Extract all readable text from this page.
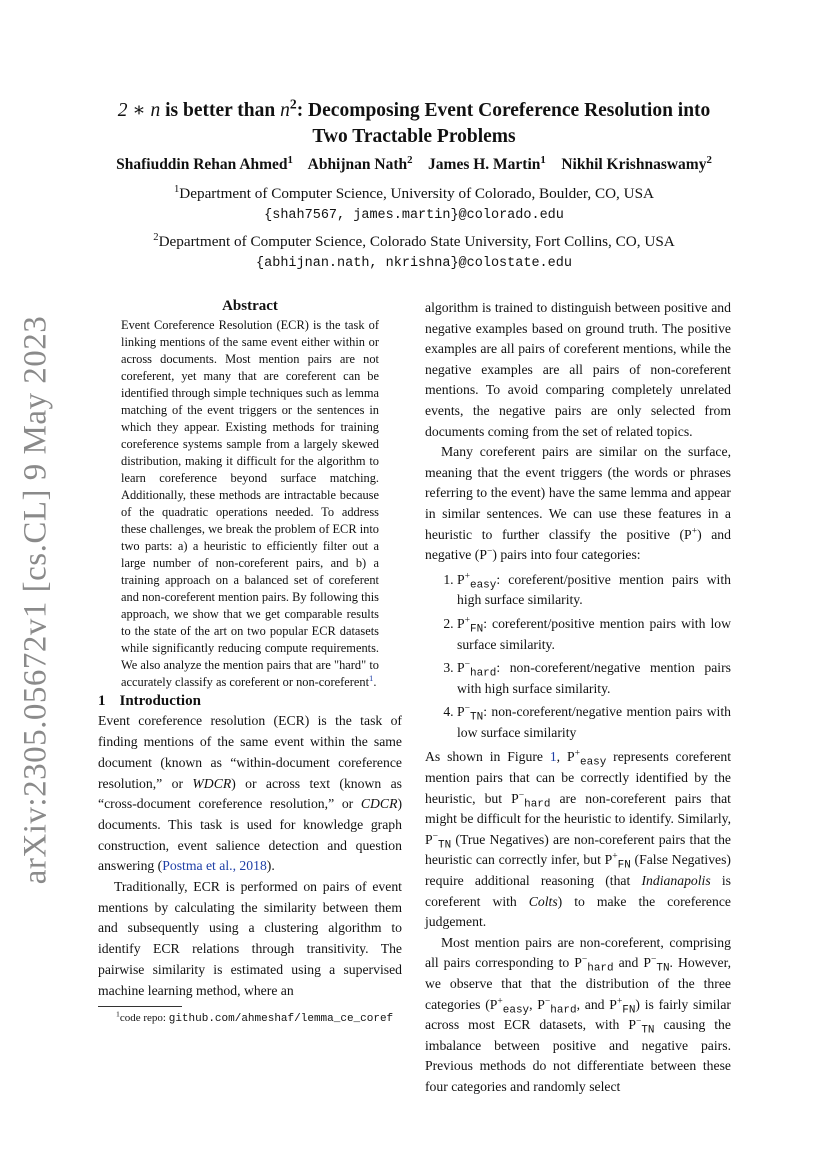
arXiv:2305.05672v1 [cs.CL] 9 May 2023
2 ∗ n is better than $n^2$: Decomposing Event Coreference Resolution into
Two Tractable Problems
Shafiuddin Rehan Ahmed$^1$ Abhijnan Nath$^2$ James H. Martin$^1$ Nikhil Krishnaswamy$^2$
$^1$Department of Computer Science, University of Colorado, Boulder, CO, USA
{shah7567, james.martin}@colorado.edu
$^2$Department of Computer Science, Colorado State University, Fort Collins, CO, USA
{abhijnan.nath, nkrishna}@colostate.edu

Abstract

Event Coreference Resolution (ECR) is the task of linking mentions of the same event either within or across documents. Most mention pairs are not coreferent, yet many that are coreferent can be identified through simple techniques such as lemma matching of the event triggers or the sentences in which they appear. Existing methods for training coreference systems sample from a largely skewed distribution, making it difficult for the algorithm to learn coreference beyond surface matching. Additionally, these methods are intractable because of the quadratic operations needed. To address these challenges, we break the problem of ECR into two parts: a) a heuristic to efficiently filter out a large number of non-coreferent pairs, and b) a training approach on a balanced set of coreferent and non-coreferent mention pairs. By following this approach, we show that we get comparable results to the state of the art on two popular ECR datasets while significantly reducing compute requirements. We also analyze the mention pairs that are "hard" to accurately classify as coreferent or non-coreferent$^1$.

1 Introduction

Event coreference resolution (ECR) is the task of finding mentions of the same event within the same document (known as “within-document coreference resolution,” or WDCR) or across text (known as “cross-document coreference resolution,” or CDCR) documents. This task is used for knowledge graph construction, event salience detection and question answering (Postma et al., 2018).

Traditionally, ECR is performed on pairs of event mentions by calculating the similarity between them and subsequently using a clustering algorithm to identify ECR relations through transitivity. The pairwise similarity is estimated using a supervised machine learning method, where an

$^1$code repo: github.com/ahmeshaf/lemma_ce_coref

algorithm is trained to distinguish between positive and negative examples based on ground truth. The positive examples are all pairs of coreferent mentions, while the negative examples are all pairs of non-coreferent mentions. To avoid comparing completely unrelated events, the negative pairs are only selected from documents coming from the set of related topics.

Many coreferent pairs are similar on the surface, meaning that the event triggers (the words or phrases referring to the event) have the same lemma and appear in similar sentences. We can use these features in a heuristic to further classify the positive (P+) and negative (P−) pairs into four categories:

1. $P^+_{easy}$: coreferent/positive mention pairs with high surface similarity.
2. $P^+_{FN}$: coreferent/positive mention pairs with low surface similarity.
3. $P^-_{hard}$: non-coreferent/negative mention pairs with high surface similarity.
4. $P^-_{TN}$: non-coreferent/negative mention pairs with low surface similarity

As shown in Figure 1, $P^+_{easy}$ represents coreferent mention pairs that can be correctly identified by the heuristic, but $P^-_{hard}$ are non-coreferent pairs that might be difficult for the heuristic to identify. Similarly, $P^-_{TN}$ (True Negatives) are non-coreferent pairs that the heuristic can correctly infer, but $P^+_{FN}$ (False Negatives) require additional reasoning (that Indianapolis is coreferent with Colts) to make the coreference judgement.

Most mention pairs are non-coreferent, comprising all pairs corresponding to $P^-_{hard}$ and $P^-_{TN}$. However, we observe that that the distribution of the three categories ($P^+_{easy}$, $P^-_{hard}$, and $P^+_{FN}$) is fairly similar across most ECR datasets, with $P^-_{TN}$ causing the imbalance between positive and negative pairs. Previous methods do not differentiate between these four categories and randomly select
